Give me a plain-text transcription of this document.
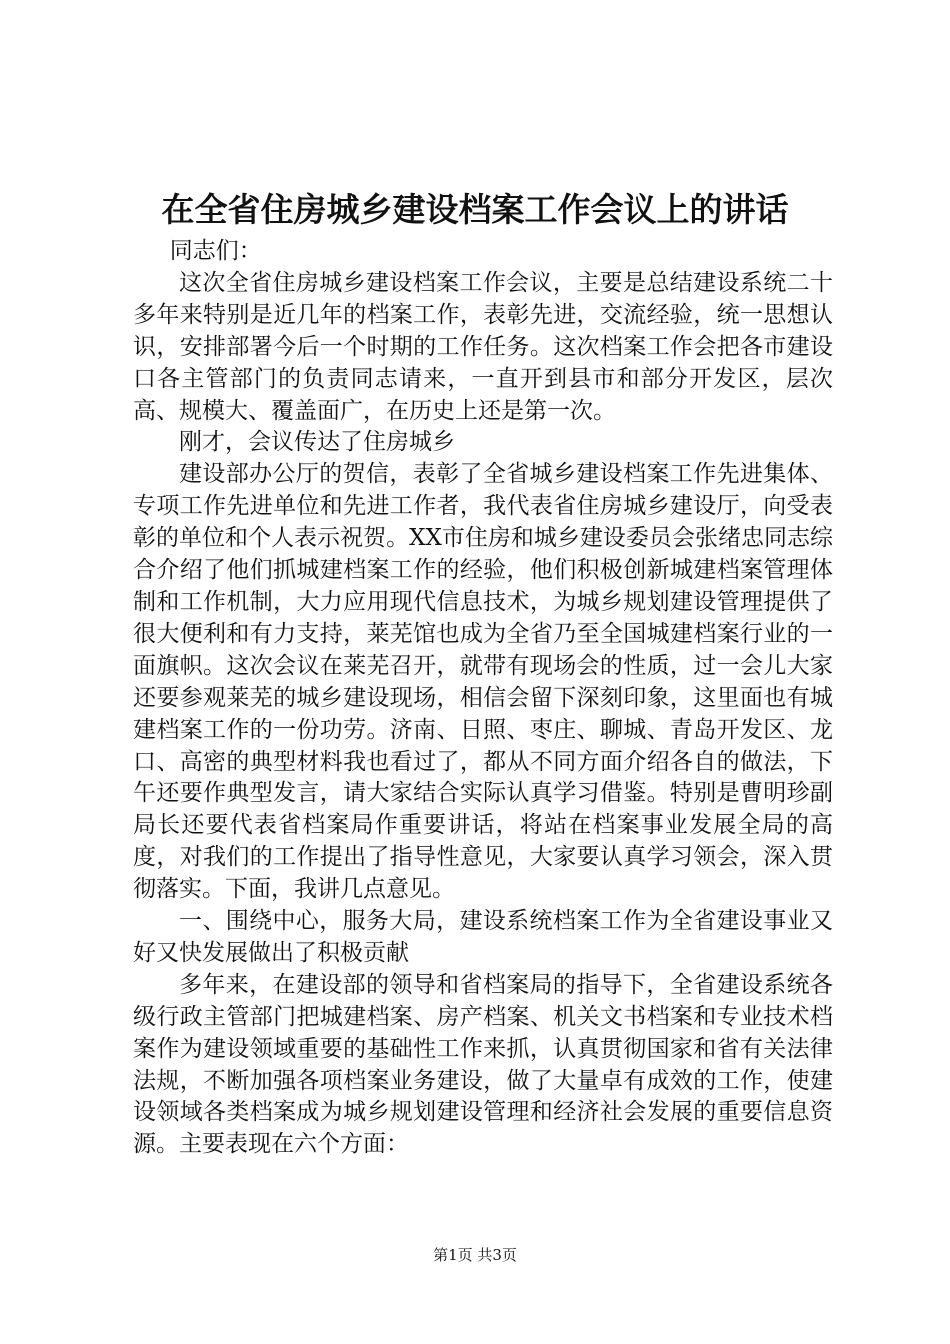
在全省住房城乡建设档案工作会议上的讲话

同志们：

这次全省住房城乡建设档案工作会议，主要是总结建设系统二十多年来特别是近几年的档案工作，表彰先进，交流经验，统一思想认识，安排部署今后一个时期的工作任务。这次档案工作会把各市建设口各主管部门的负责同志请来，一直开到县市和部分开发区，层次高、规模大、覆盖面广，在历史上还是第一次。

刚才，会议传达了住房城乡

建设部办公厅的贺信，表彰了全省城乡建设档案工作先进集体、专项工作先进单位和先进工作者，我代表省住房城乡建设厅，向受表彰的单位和个人表示祝贺。XX市住房和城乡建设委员会张绪忠同志综合介绍了他们抓城建档案工作的经验，他们积极创新城建档案管理体制和工作机制，大力应用现代信息技术，为城乡规划建设管理提供了很大便利和有力支持，莱芜馆也成为全省乃至全国城建档案行业的一面旗帜。这次会议在莱芜召开，就带有现场会的性质，过一会儿大家还要参观莱芜的城乡建设现场，相信会留下深刻印象，这里面也有城建档案工作的一份功劳。济南、日照、枣庄、聊城、青岛开发区、龙口、高密的典型材料我也看过了，都从不同方面介绍各自的做法，下午还要作典型发言，请大家结合实际认真学习借鉴。特别是曹明珍副局长还要代表省档案局作重要讲话，将站在档案事业发展全局的高度，对我们的工作提出了指导性意见，大家要认真学习领会，深入贯彻落实。下面，我讲几点意见。

一、围绕中心，服务大局，建设系统档案工作为全省建设事业又好又快发展做出了积极贡献

多年来，在建设部的领导和省档案局的指导下，全省建设系统各级行政主管部门把城建档案、房产档案、机关文书档案和专业技术档案作为建设领域重要的基础性工作来抓，认真贯彻国家和省有关法律法规，不断加强各项档案业务建设，做了大量卓有成效的工作，使建设领域各类档案成为城乡规划建设管理和经济社会发展的重要信息资源。主要表现在六个方面：

第1页 共3页
